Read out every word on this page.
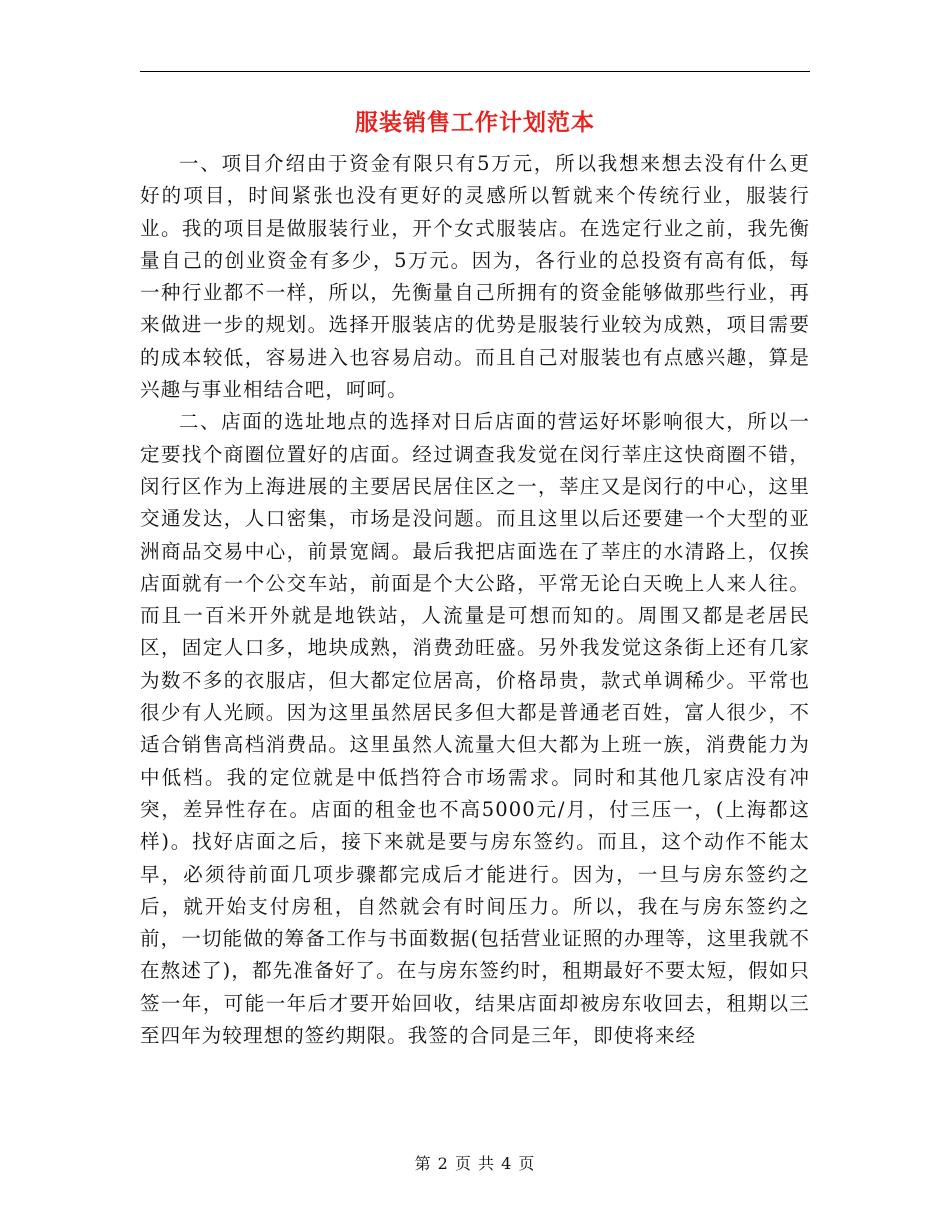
服装销售工作计划范本

一、项目介绍由于资金有限只有5万元，所以我想来想去没有什么更好的项目，时间紧张也没有更好的灵感所以暂就来个传统行业，服装行业。我的项目是做服装行业，开个女式服装店。在选定行业之前，我先衡量自己的创业资金有多少，5万元。因为，各行业的总投资有高有低，每一种行业都不一样，所以，先衡量自己所拥有的资金能够做那些行业，再来做进一步的规划。选择开服装店的优势是服装行业较为成熟，项目需要的成本较低，容易进入也容易启动。而且自己对服装也有点感兴趣，算是兴趣与事业相结合吧，呵呵。

二、店面的选址地点的选择对日后店面的营运好坏影响很大，所以一定要找个商圈位置好的店面。经过调查我发觉在闵行莘庄这快商圈不错，闵行区作为上海进展的主要居民居住区之一，莘庄又是闵行的中心，这里交通发达，人口密集，市场是没问题。而且这里以后还要建一个大型的亚洲商品交易中心，前景宽阔。最后我把店面选在了莘庄的水清路上，仅挨店面就有一个公交车站，前面是个大公路，平常无论白天晚上人来人往。而且一百米开外就是地铁站，人流量是可想而知的。周围又都是老居民区，固定人口多，地块成熟，消费劲旺盛。另外我发觉这条街上还有几家为数不多的衣服店，但大都定位居高，价格昂贵，款式单调稀少。平常也很少有人光顾。因为这里虽然居民多但大都是普通老百姓，富人很少，不适合销售高档消费品。这里虽然人流量大但大都为上班一族，消费能力为中低档。我的定位就是中低挡符合市场需求。同时和其他几家店没有冲突，差异性存在。店面的租金也不高5000元/月，付三压一，(上海都这样)。找好店面之后，接下来就是要与房东签约。而且，这个动作不能太早，必须待前面几项步骤都完成后才能进行。因为，一旦与房东签约之后，就开始支付房租，自然就会有时间压力。所以，我在与房东签约之前，一切能做的筹备工作与书面数据(包括营业证照的办理等，这里我就不在熬述了)，都先准备好了。在与房东签约时，租期最好不要太短，假如只签一年，可能一年后才要开始回收，结果店面却被房东收回去，租期以三至四年为较理想的签约期限。我签的合同是三年，即使将来经

第 2 页 共 4 页
